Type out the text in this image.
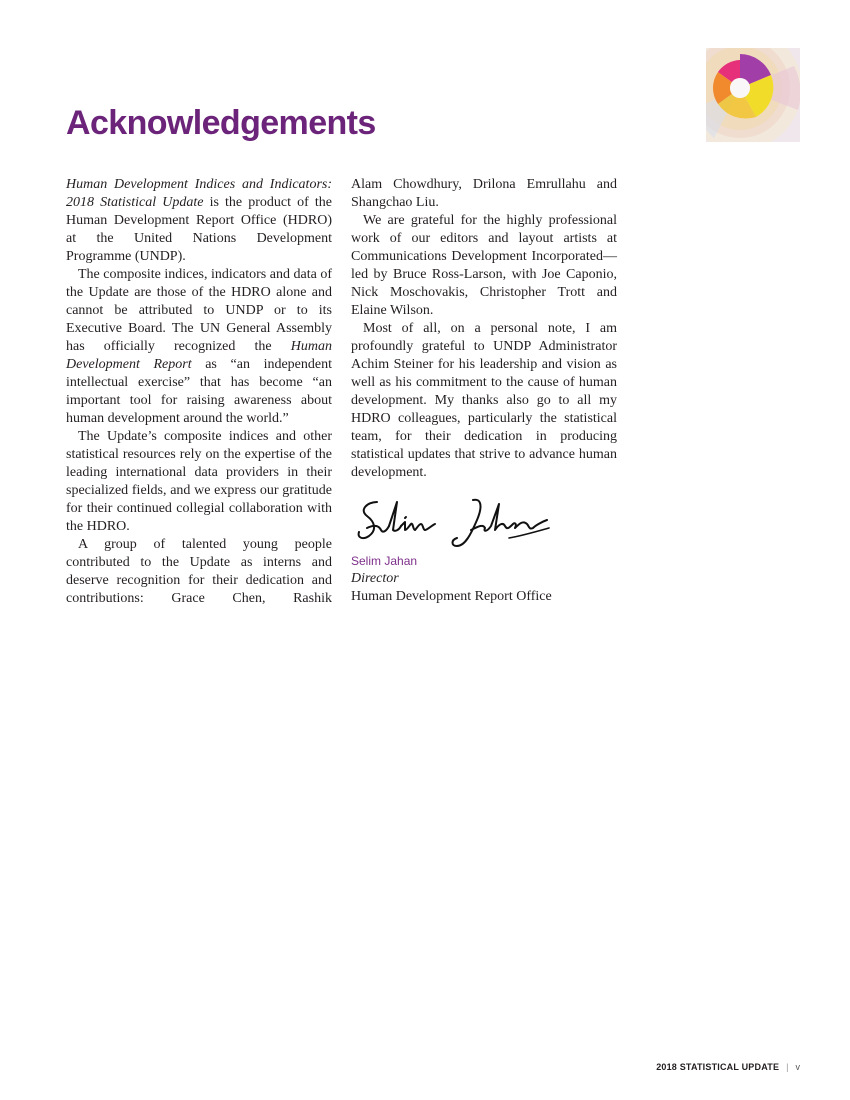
Acknowledgements

Human Development Indices and Indicators: 2018 Statistical Update is the product of the Human Development Report Office (HDRO) at the United Nations Development Programme (UNDP).

The composite indices, indicators and data of the Update are those of the HDRO alone and cannot be attributed to UNDP or to its Executive Board. The UN General Assembly has officially recognized the Human Development Report as “an independent intellectual exercise” that has become “an important tool for raising awareness about human development around the world.”

The Update’s composite indices and other statistical resources rely on the expertise of the leading international data providers in their specialized fields, and we express our gratitude for their continued collegial collaboration with the HDRO.

A group of talented young people contributed to the Update as interns and deserve recognition for their dedication and contributions: Grace Chen, Rashik

Alam Chowdhury, Drilona Emrullahu and Shangchao Liu.

We are grateful for the highly professional work of our editors and layout artists at Communications Development Incorporated—led by Bruce Ross-Larson, with Joe Caponio, Nick Moschovakis, Christopher Trott and Elaine Wilson.

Most of all, on a personal note, I am profoundly grateful to UNDP Administrator Achim Steiner for his leadership and vision as well as his commitment to the cause of human development. My thanks also go to all my HDRO colleagues, particularly the statistical team, for their dedication in producing statistical updates that strive to advance human development.

Selim Jahan
Director
Human Development Report Office
2018 STATISTICAL UPDATE | v
